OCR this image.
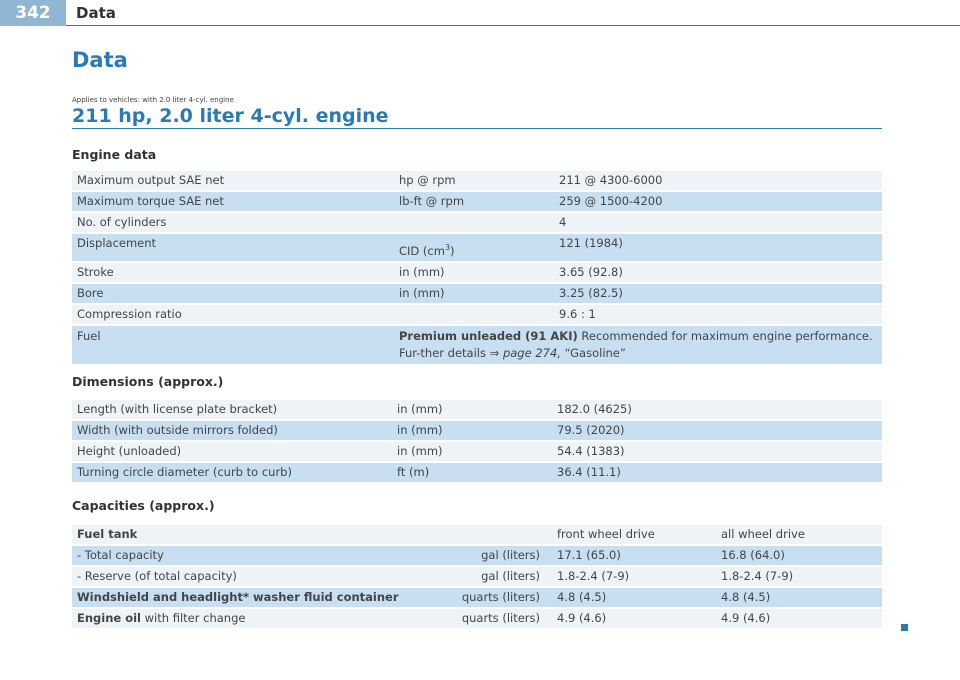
342	Data
Data
Applies to vehicles: with 2.0 liter 4-cyl. engine
211 hp, 2.0 liter 4-cyl. engine
Engine data
Maximum output SAE net	hp @ rpm	211 @ 4300-6000
Maximum torque SAE net	lb-ft @ rpm	259 @ 1500-4200
No. of cylinders		4
Displacement	CID $(cm^3)$	121 (1984)
Stroke	in (mm)	3.65 (92.8)
Bore	in (mm)	3.25 (82.5)
Compression ratio		9.6 : 1
Fuel	Premium unleaded (91 AKI) Recommended for maximum engine performance. Fur-ther details ⇒ page 274, “Gasoline”	
Dimensions (approx.)
Length (with license plate bracket)	in (mm)	182.0 (4625)
Width (with outside mirrors folded)	in (mm)	79.5 (2020)
Height (unloaded)	in (mm)	54.4 (1383)
Turning circle diameter (curb to curb)	ft (m)	36.4 (11.1)
Capacities (approx.)
Fuel tank		front wheel drive	all wheel drive
- Total capacity	gal (liters)	17.1 (65.0)	16.8 (64.0)
- Reserve (of total capacity)	gal (liters)	1.8-2.4 (7-9)	1.8-2.4 (7-9)
Windshield and headlight* washer fluid container	quarts (liters)	4.8 (4.5)	4.8 (4.5)
Engine oil with filter change	quarts (liters)	4.9 (4.6)	4.9 (4.6)
